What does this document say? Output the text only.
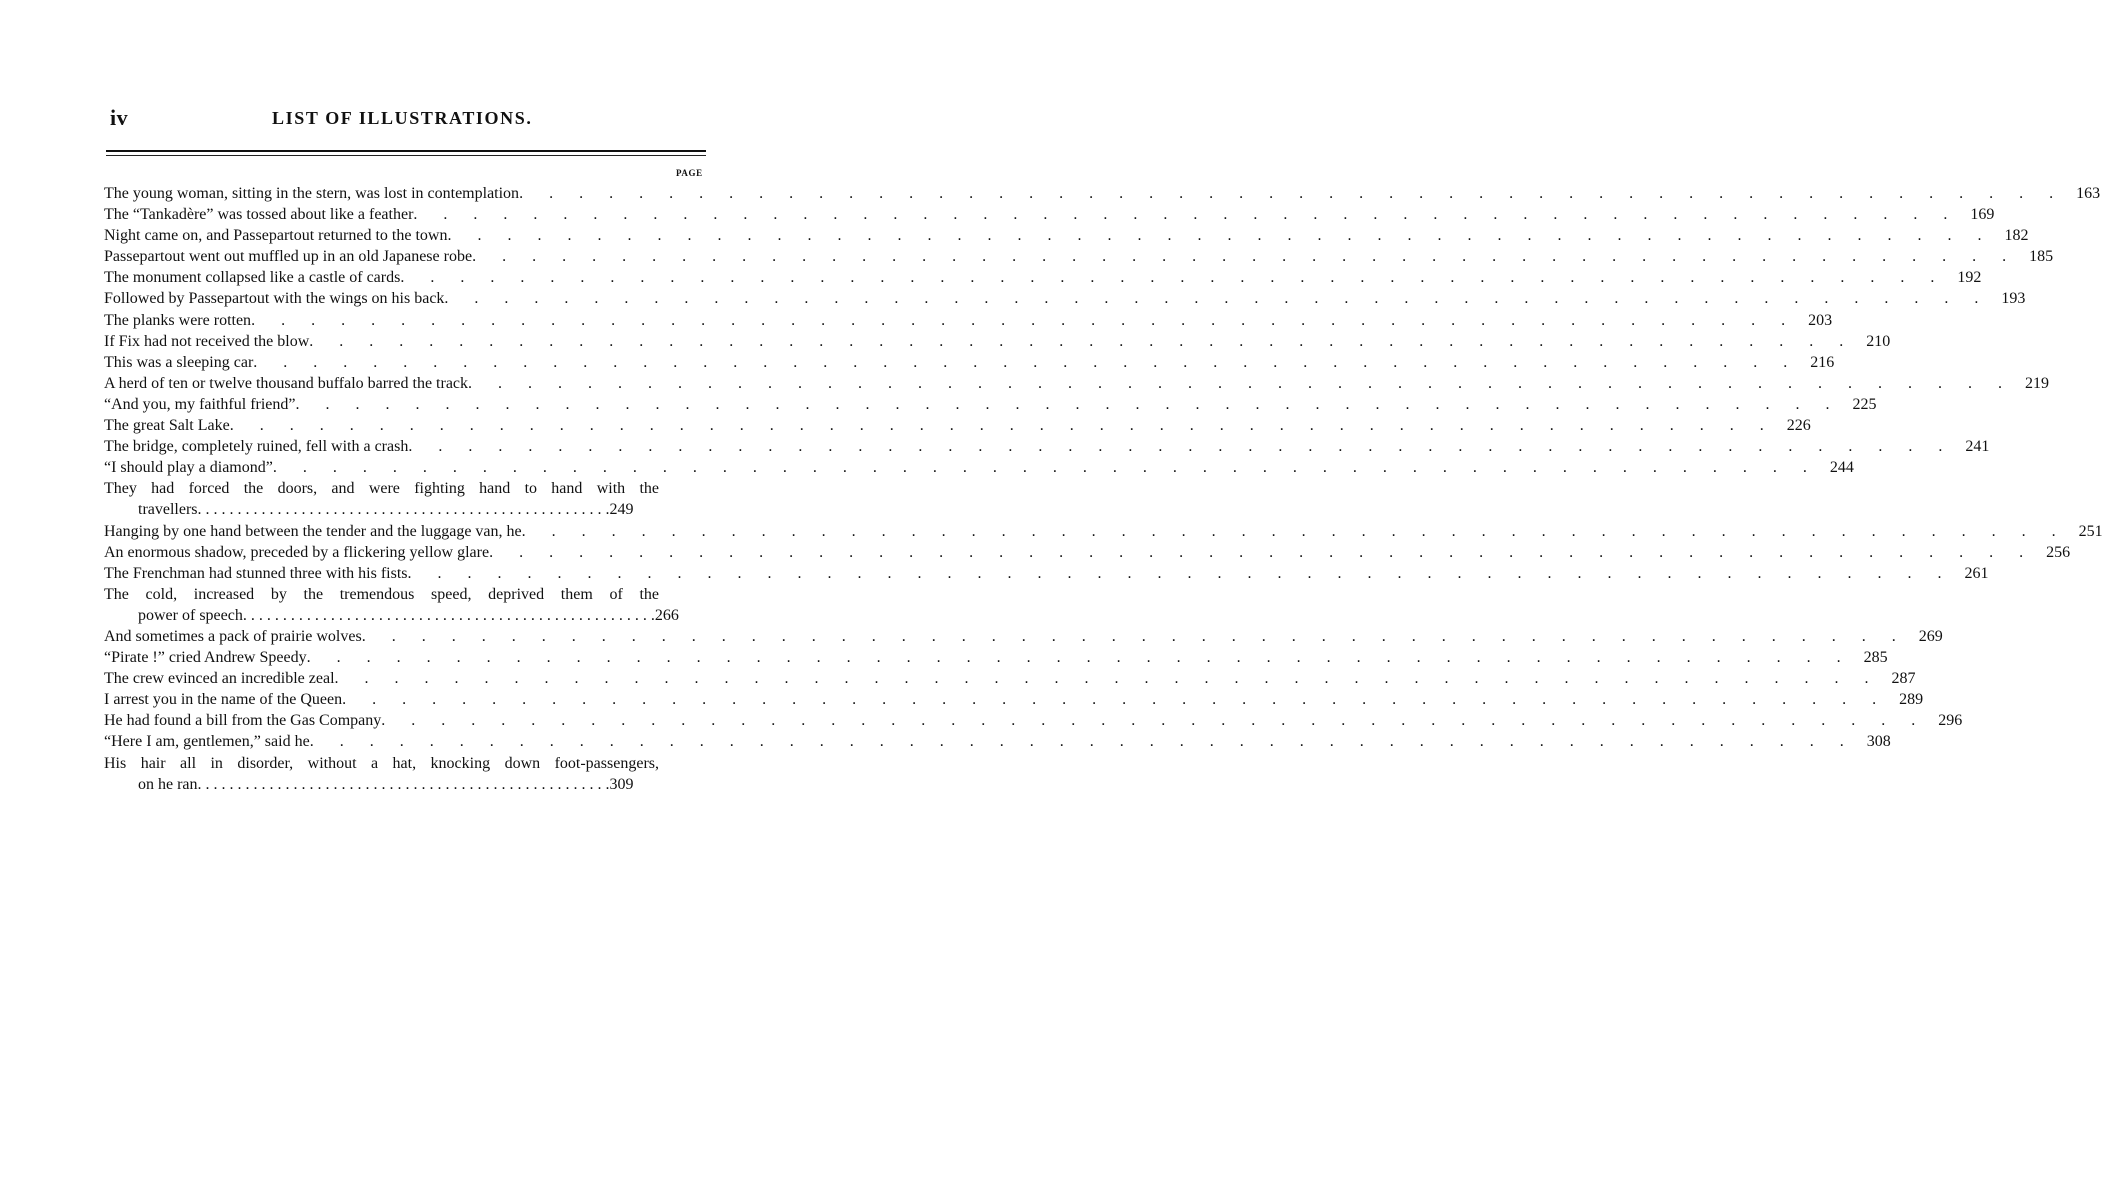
iv	LIST OF ILLUSTRATIONS.
PAGE
The young woman, sitting in the stern, was lost in contemplation . . . . . . . . . . . . . . . . . . . . . . . . . . . . . . . . . . . . . . . . . . . . . . . . . . . . 163
The “Tankadère” was tossed about like a feather . . . . . . . . . . . . . . . . . . . . . . . . . . . . . . . . . . . . . . . . . . . . . . . . . . . . 169
Night came on, and Passepartout returned to the town . . . . . . . . . . . . . . . . . . . . . . . . . . . . . . . . . . . . . . . . . . . . . . . . . . . . 182
Passepartout went out muffled up in an old Japanese robe . . . . . . . . . . . . . . . . . . . . . . . . . . . . . . . . . . . . . . . . . . . . . . . . . . . . 185
The monument collapsed like a castle of cards . . . . . . . . . . . . . . . . . . . . . . . . . . . . . . . . . . . . . . . . . . . . . . . . . . . . 192
Followed by Passepartout with the wings on his back . . . . . . . . . . . . . . . . . . . . . . . . . . . . . . . . . . . . . . . . . . . . . . . . . . . . 193
The planks were rotten . . . . . . . . . . . . . . . . . . . . . . . . . . . . . . . . . . . . . . . . . . . . . . . . . . . . 203
If Fix had not received the blow . . . . . . . . . . . . . . . . . . . . . . . . . . . . . . . . . . . . . . . . . . . . . . . . . . . . 210
This was a sleeping car . . . . . . . . . . . . . . . . . . . . . . . . . . . . . . . . . . . . . . . . . . . . . . . . . . . . 216
A herd of ten or twelve thousand buffalo barred the track . . . . . . . . . . . . . . . . . . . . . . . . . . . . . . . . . . . . . . . . . . . . . . . . . . . . 219
“And you, my faithful friend” . . . . . . . . . . . . . . . . . . . . . . . . . . . . . . . . . . . . . . . . . . . . . . . . . . . . 225
The great Salt Lake . . . . . . . . . . . . . . . . . . . . . . . . . . . . . . . . . . . . . . . . . . . . . . . . . . . . 226
The bridge, completely ruined, fell with a crash . . . . . . . . . . . . . . . . . . . . . . . . . . . . . . . . . . . . . . . . . . . . . . . . . . . . 241
“I should play a diamond” . . . . . . . . . . . . . . . . . . . . . . . . . . . . . . . . . . . . . . . . . . . . . . . . . . . . 244
They had forced the doors, and were fighting hand to hand with the
travellers . . . . . . . . . . . . . . . . . . . . . . . . . . . . . . . . . . . . . . . . . . . . . . . . . . . . 249
Hanging by one hand between the tender and the luggage van, he . . . . . . . . . . . . . . . . . . . . . . . . . . . . . . . . . . . . . . . . . . . . . . . . . . . . 251
An enormous shadow, preceded by a flickering yellow glare . . . . . . . . . . . . . . . . . . . . . . . . . . . . . . . . . . . . . . . . . . . . . . . . . . . . 256
The Frenchman had stunned three with his fists . . . . . . . . . . . . . . . . . . . . . . . . . . . . . . . . . . . . . . . . . . . . . . . . . . . . 261
The cold, increased by the tremendous speed, deprived them of the
power of speech . . . . . . . . . . . . . . . . . . . . . . . . . . . . . . . . . . . . . . . . . . . . . . . . . . . . 266
And sometimes a pack of prairie wolves . . . . . . . . . . . . . . . . . . . . . . . . . . . . . . . . . . . . . . . . . . . . . . . . . . . . 269
“Pirate !” cried Andrew Speedy . . . . . . . . . . . . . . . . . . . . . . . . . . . . . . . . . . . . . . . . . . . . . . . . . . . . 285
The crew evinced an incredible zeal . . . . . . . . . . . . . . . . . . . . . . . . . . . . . . . . . . . . . . . . . . . . . . . . . . . . 287
I arrest you in the name of the Queen . . . . . . . . . . . . . . . . . . . . . . . . . . . . . . . . . . . . . . . . . . . . . . . . . . . . 289
He had found a bill from the Gas Company . . . . . . . . . . . . . . . . . . . . . . . . . . . . . . . . . . . . . . . . . . . . . . . . . . . . 296
“Here I am, gentlemen,” said he . . . . . . . . . . . . . . . . . . . . . . . . . . . . . . . . . . . . . . . . . . . . . . . . . . . . 308
His hair all in disorder, without a hat, knocking down foot-passengers,
on he ran . . . . . . . . . . . . . . . . . . . . . . . . . . . . . . . . . . . . . . . . . . . . . . . . . . . . 309
